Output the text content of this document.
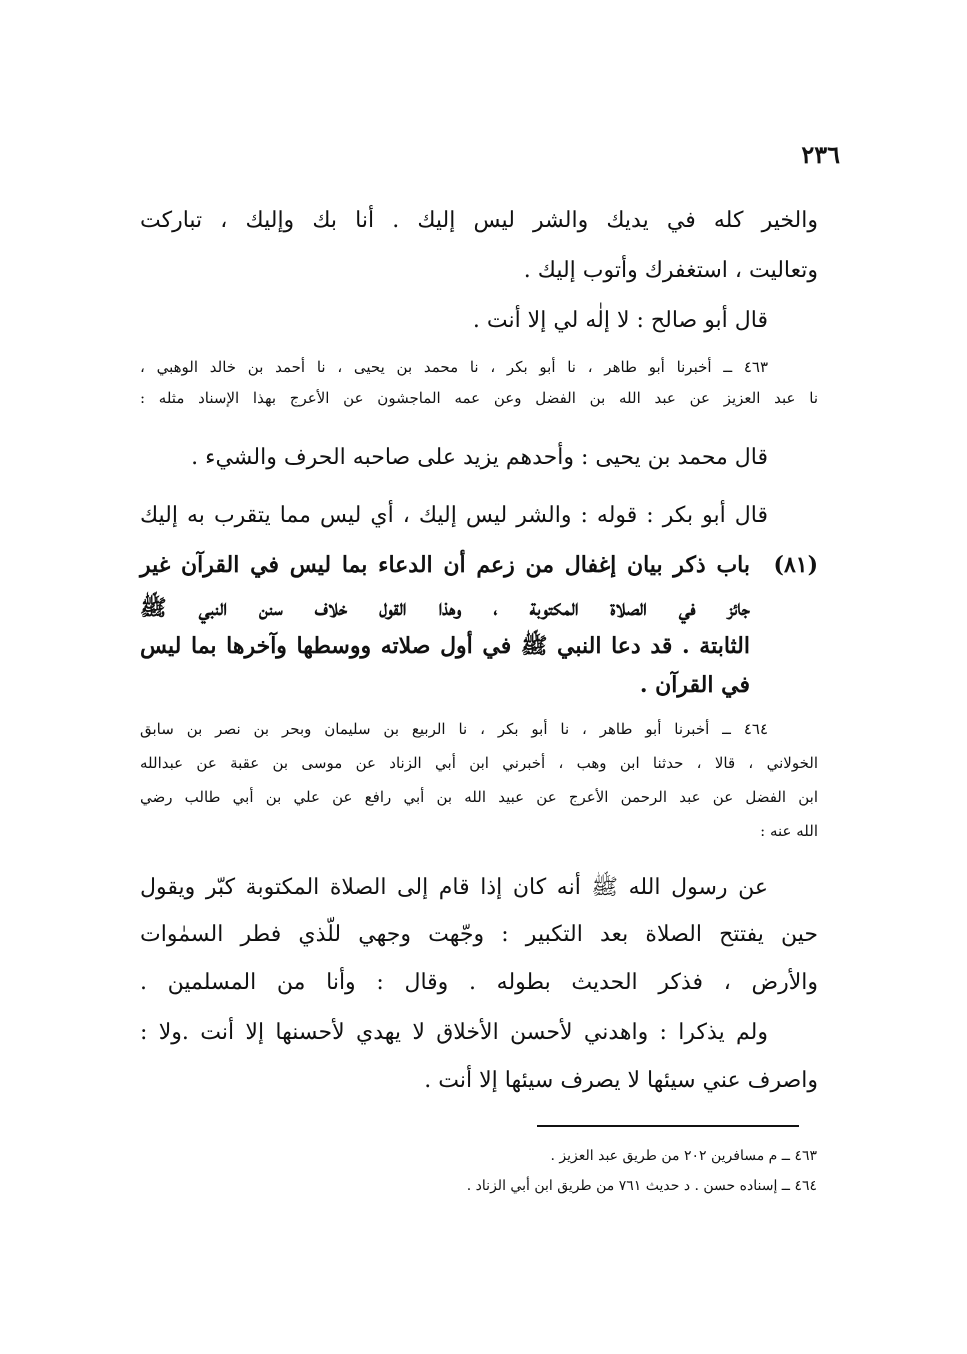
٢٣٦
والخير كله في يديك والشر ليس إليك . أنا بك وإليك ، تباركت
وتعاليت ، استغفرك وأتوب إليك .
قال أبو صالح : لا إلٰه لي إلا أنت .
٤٦٣ ــ أخبرنا أبو طاهر ، نا أبو بكر ، نا محمد بن يحيى ، نا أحمد بن خالد الوهبي ،
نا عبد العزيز عن عبد الله بن الفضل وعن عمه الماجشون عن الأعرج بهذا الإسناد مثله :
قال محمد بن يحيى : وأحدهم يزيد على صاحبه الحرف والشيء .
قال أبو بكر : قوله : والشر ليس إليك ، أي ليس مما يتقرب به إليك
(٨١)
باب ذكر بيان إغفال من زعم أن الدعاء بما ليس في القرآن غير
جائز في الصلاة المكتوبة ، وهذا القول خلاف سنن النبي ﷺ
الثابتة . قد دعا النبي ﷺ في أول صلاته ووسطها وآخرها بما ليس
في القرآن .
٤٦٤ ــ أخبرنا أبو طاهر ، نا أبو بكر ، نا الربيع بن سليمان وبحر بن نصر بن سابق
الخولاني ، قالا ، حدثنا ابن وهب ، أخبرني ابن أبي الزناد عن موسى بن عقبة عن عبدالله
ابن الفضل عن عبد الرحمن الأعرج عن عبيد الله بن أبي رافع عن علي بن أبي طالب رضي
الله عنه :
عن رسول الله ﷺ أنه كان إذا قام إلى الصلاة المكتوبة كبّر ويقول
حين يفتتح الصلاة بعد التكبير : وجّهت وجهي للّذي فطر السمٰوات
والأرض ، فذكر الحديث بطوله . وقال : وأنا من المسلمين .
ولم يذكرا : واهدني لأحسن الأخلاق لا يهدي لأحسنها إلا أنت .ولا :
واصرف عني سيئها لا يصرف سيئها إلا أنت .
٤٦٣ ــ م مسافرين ٢٠٢ من طريق عبد العزيز .
٤٦٤ ــ إسناده حسن . د حديث ٧٦١ من طريق ابن أبي الزناد .
